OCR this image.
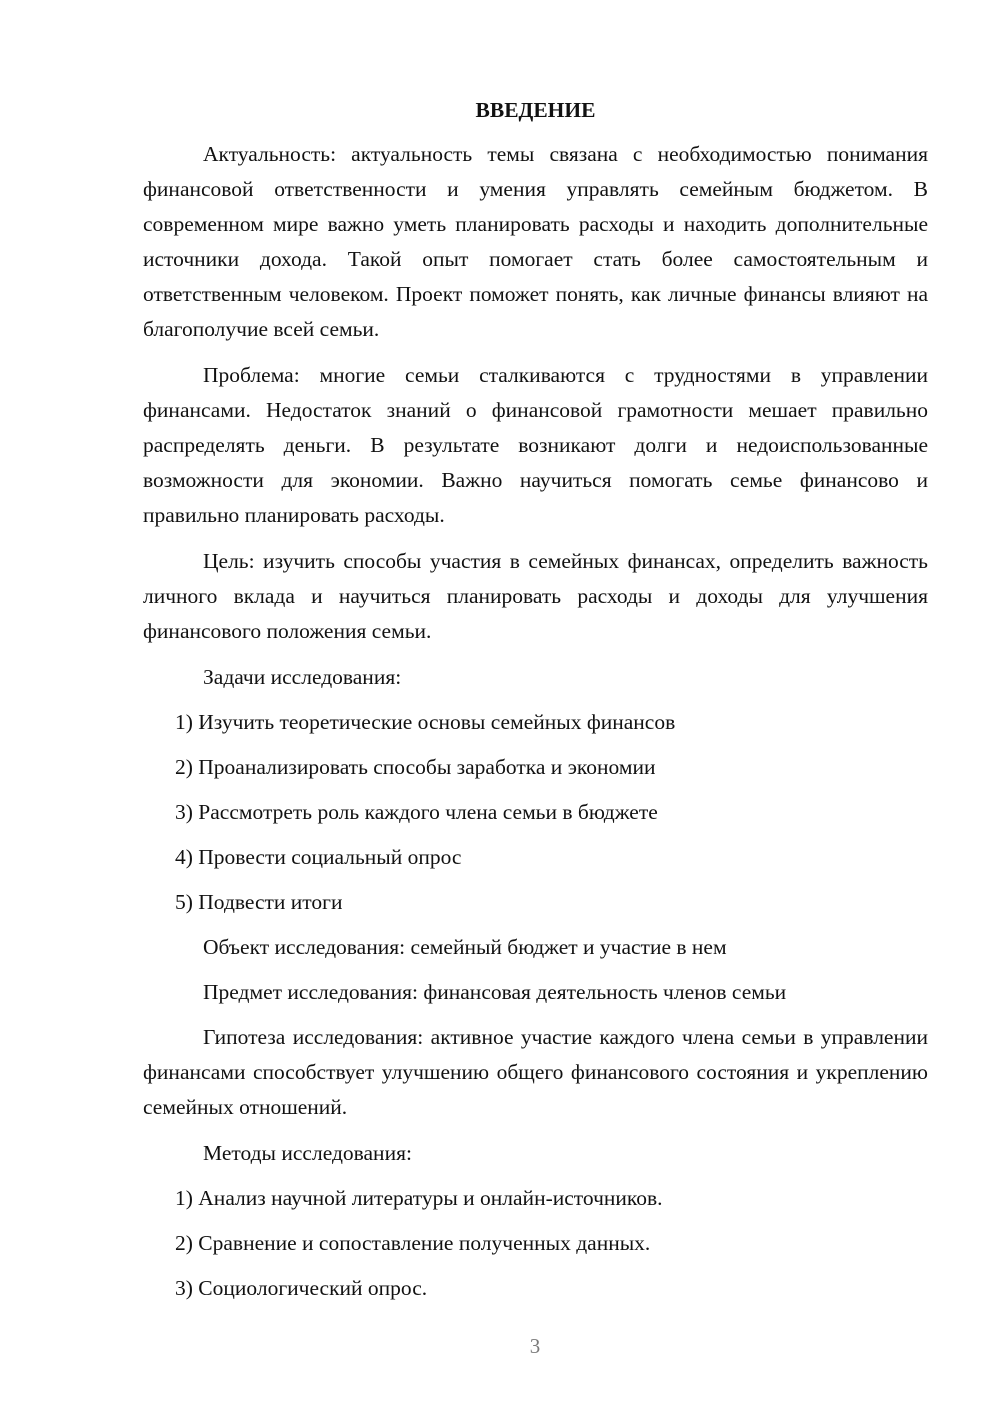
ВВЕДЕНИЕ

Актуальность: актуальность темы связана с необходимостью понимания финансовой ответственности и умения управлять семейным бюджетом. В современном мире важно уметь планировать расходы и находить дополнительные источники дохода. Такой опыт помогает стать более самостоятельным и ответственным человеком. Проект поможет понять, как личные финансы влияют на благополучие всей семьи.

Проблема: многие семьи сталкиваются с трудностями в управлении финансами. Недостаток знаний о финансовой грамотности мешает правильно распределять деньги. В результате возникают долги и недоиспользованные возможности для экономии. Важно научиться помогать семье финансово и правильно планировать расходы.

Цель: изучить способы участия в семейных финансах, определить важность личного вклада и научиться планировать расходы и доходы для улучшения финансового положения семьи.

Задачи исследования:

1) Изучить теоретические основы семейных финансов
2) Проанализировать способы заработка и экономии
3) Рассмотреть роль каждого члена семьи в бюджете
4) Провести социальный опрос
5) Подвести итоги

Объект исследования: семейный бюджет и участие в нем

Предмет исследования: финансовая деятельность членов семьи

Гипотеза исследования: активное участие каждого члена семьи в управлении финансами способствует улучшению общего финансового состояния и укреплению семейных отношений.

Методы исследования:

1) Анализ научной литературы и онлайн-источников.
2) Сравнение и сопоставление полученных данных.
3) Социологический опрос.
3
